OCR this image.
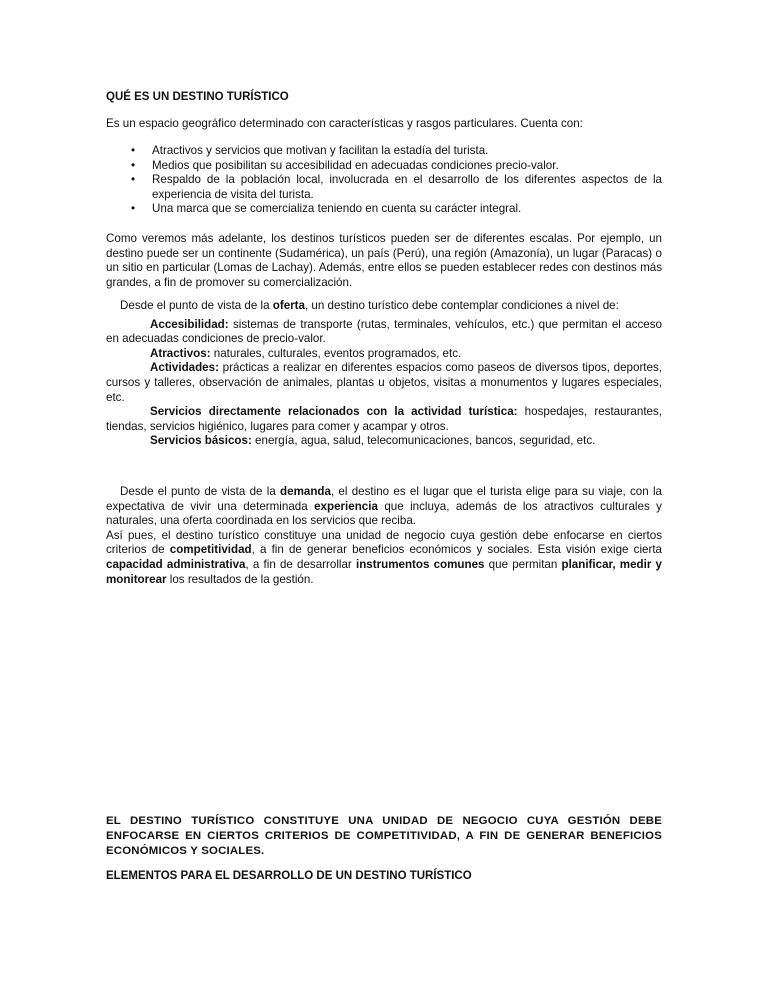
QUÉ ES UN DESTINO TURÍSTICO

Es un espacio geográfico determinado con características y rasgos particulares. Cuenta con:

• Atractivos y servicios que motivan y facilitan la estadía del turista.
• Medios que posibilitan su accesibilidad en adecuadas condiciones precio-valor.
• Respaldo de la población local, involucrada en el desarrollo de los diferentes aspectos de la experiencia de visita del turista.
• Una marca que se comercializa teniendo en cuenta su carácter integral.

Como veremos más adelante, los destinos turísticos pueden ser de diferentes escalas. Por ejemplo, un destino puede ser un continente (Sudamérica), un país (Perú), una región (Amazonía), un lugar (Paracas) o un sitio en particular (Lomas de Lachay). Además, entre ellos se pueden establecer redes con destinos más grandes, a fin de promover su comercialización.

Desde el punto de vista de la oferta, un destino turístico debe contemplar condiciones a nivel de:

Accesibilidad: sistemas de transporte (rutas, terminales, vehículos, etc.) que permitan el acceso en adecuadas condiciones de precio-valor.

Atractivos: naturales, culturales, eventos programados, etc.

Actividades: prácticas a realizar en diferentes espacios como paseos de diversos tipos, deportes, cursos y talleres, observación de animales, plantas u objetos, visitas a monumentos y lugares especiales, etc.

Servicios directamente relacionados con la actividad turística: hospedajes, restaurantes, tiendas, servicios higiénico, lugares para comer y acampar y otros.

Servicios básicos: energía, agua, salud, telecomunicaciones, bancos, seguridad, etc.

Desde el punto de vista de la demanda, el destino es el lugar que el turista elige para su viaje, con la expectativa de vivir una determinada experiencia que incluya, además de los atractivos culturales y naturales, una oferta coordinada en los servicios que reciba.

Así pues, el destino turístico constituye una unidad de negocio cuya gestión debe enfocarse en ciertos criterios de competitividad, a fin de generar beneficios económicos y sociales. Esta visión exige cierta capacidad administrativa, a fin de desarrollar instrumentos comunes que permitan planificar, medir y monitorear los resultados de la gestión.

EL DESTINO TURÍSTICO CONSTITUYE UNA UNIDAD DE NEGOCIO CUYA GESTIÓN DEBE ENFOCARSE EN CIERTOS CRITERIOS DE COMPETITIVIDAD, A FIN DE GENERAR BENEFICIOS ECONÓMICOS Y SOCIALES.

ELEMENTOS PARA EL DESARROLLO DE UN DESTINO TURÍSTICO
